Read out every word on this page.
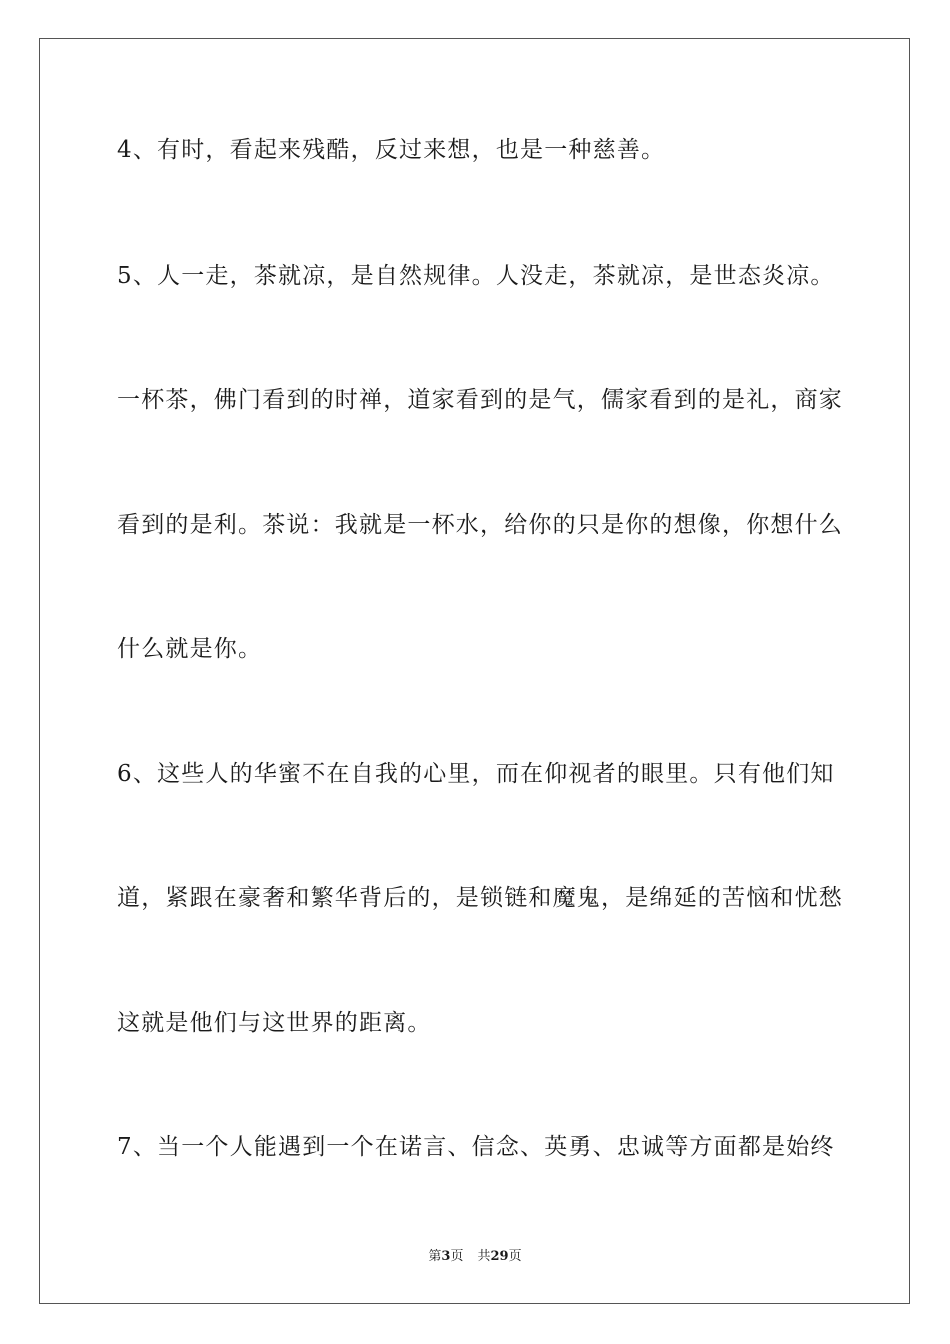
4、有时，看起来残酷，反过来想，也是一种慈善。
5、人一走，茶就凉，是自然规律。人没走，茶就凉，是世态炎凉。
一杯茶，佛门看到的时禅，道家看到的是气，儒家看到的是礼，商家
看到的是利。茶说：我就是一杯水，给你的只是你的想像，你想什么
什么就是你。
6、这些人的华蜜不在自我的心里，而在仰视者的眼里。只有他们知
道，紧跟在豪奢和繁华背后的，是锁链和魔鬼，是绵延的苦恼和忧愁
这就是他们与这世界的距离。
7、当一个人能遇到一个在诺言、信念、英勇、忠诚等方面都是始终
第3页 共29页
